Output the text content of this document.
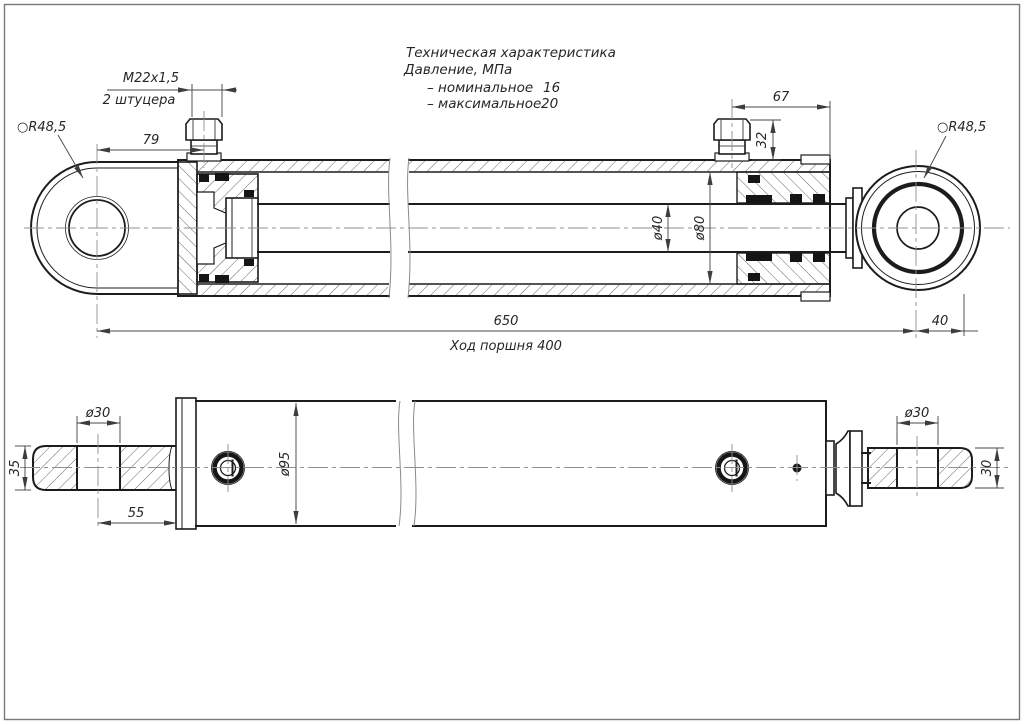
○R48,5	○R48,5
M22x1,5
2 штуцера
79
67
32
ø40 ø80
650	40
Ход поршня 400
Техническая характеристика
Давление, МПа
– номинальное 16
– максимальное 20
ø30
35
55
ø95
ø30
30
